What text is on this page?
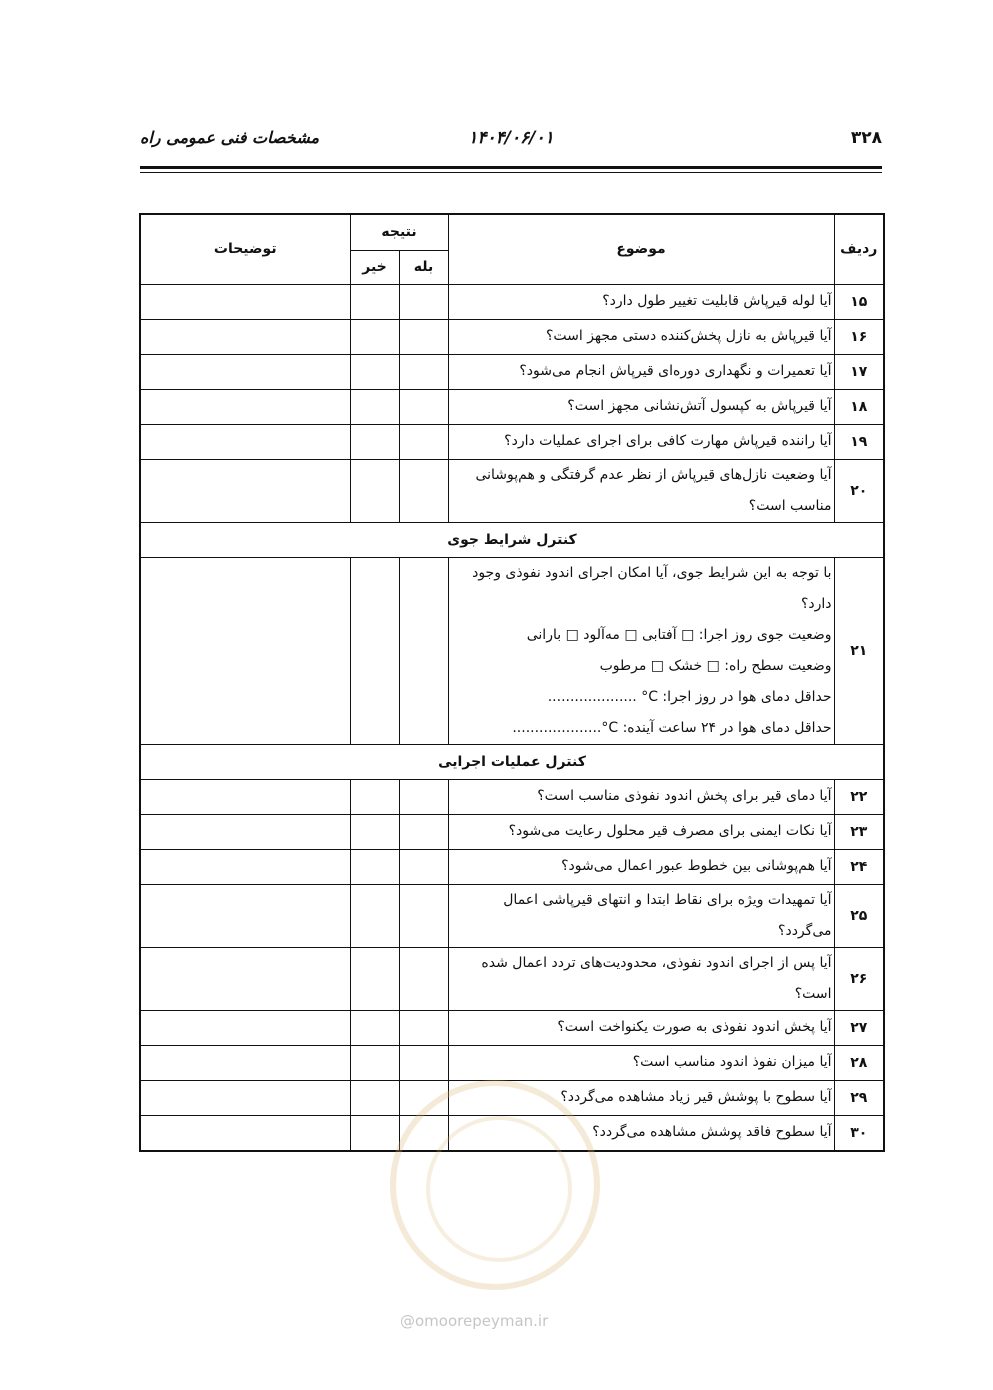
۳۲۸
۱۴۰۴/۰۶/۰۱
مشخصات فنی عمومی راه
ردیف	موضوع	نتیجه		توضیحات
		بله	خیر	
۱۵	آیا لوله قیرپاش قابلیت تغییر طول دارد؟			
۱۶	آیا قیرپاش به نازل پخش‌کننده دستی مجهز است؟			
۱۷	آیا تعمیرات و نگهداری دوره‌ای قیرپاش انجام می‌شود؟			
۱۸	آیا قیرپاش به کپسول آتش‌نشانی مجهز است؟			
۱۹	آیا راننده قیرپاش مهارت کافی برای اجرای عملیات دارد؟			
۲۰	آیا وضعیت نازل‌های قیرپاش از نظر عدم گرفتگی و هم‌پوشانی مناسب است؟			
کنترل شرایط جوی				
۲۱	با توجه به این شرایط جوی، آیا امکان اجرای اندود نفوذی وجود دارد؟
وضعیت جوی روز اجرا: □ آفتابی □ مه‌آلود □ بارانی
وضعیت سطح راه: □ خشک □ مرطوب
حداقل دمای هوا در روز اجرا: C° ....................
حداقل دمای هوا در ۲۴ ساعت آینده: C°....................			

کنترل عملیات اجرایی				
۲۲	آیا دمای قیر برای پخش اندود نفوذی مناسب است؟			
۲۳	آیا نکات ایمنی برای مصرف قیر محلول رعایت می‌شود؟			
۲۴	آیا هم‌پوشانی بین خطوط عبور اعمال می‌شود؟			
۲۵	آیا تمهیدات ویژه برای نقاط ابتدا و انتهای قیرپاشی اعمال می‌گردد؟			
۲۶	آیا پس از اجرای اندود نفوذی، محدودیت‌های تردد اعمال شده است؟			
۲۷	آیا پخش اندود نفوذی به صورت یکنواخت است؟			
۲۸	آیا میزان نفوذ اندود مناسب است؟			
۲۹	آیا سطوح با پوشش قیر زیاد مشاهده می‌گردد؟			
۳۰	آیا سطوح فاقد پوشش مشاهده می‌گردد؟			
@omoorepeyman.ir
